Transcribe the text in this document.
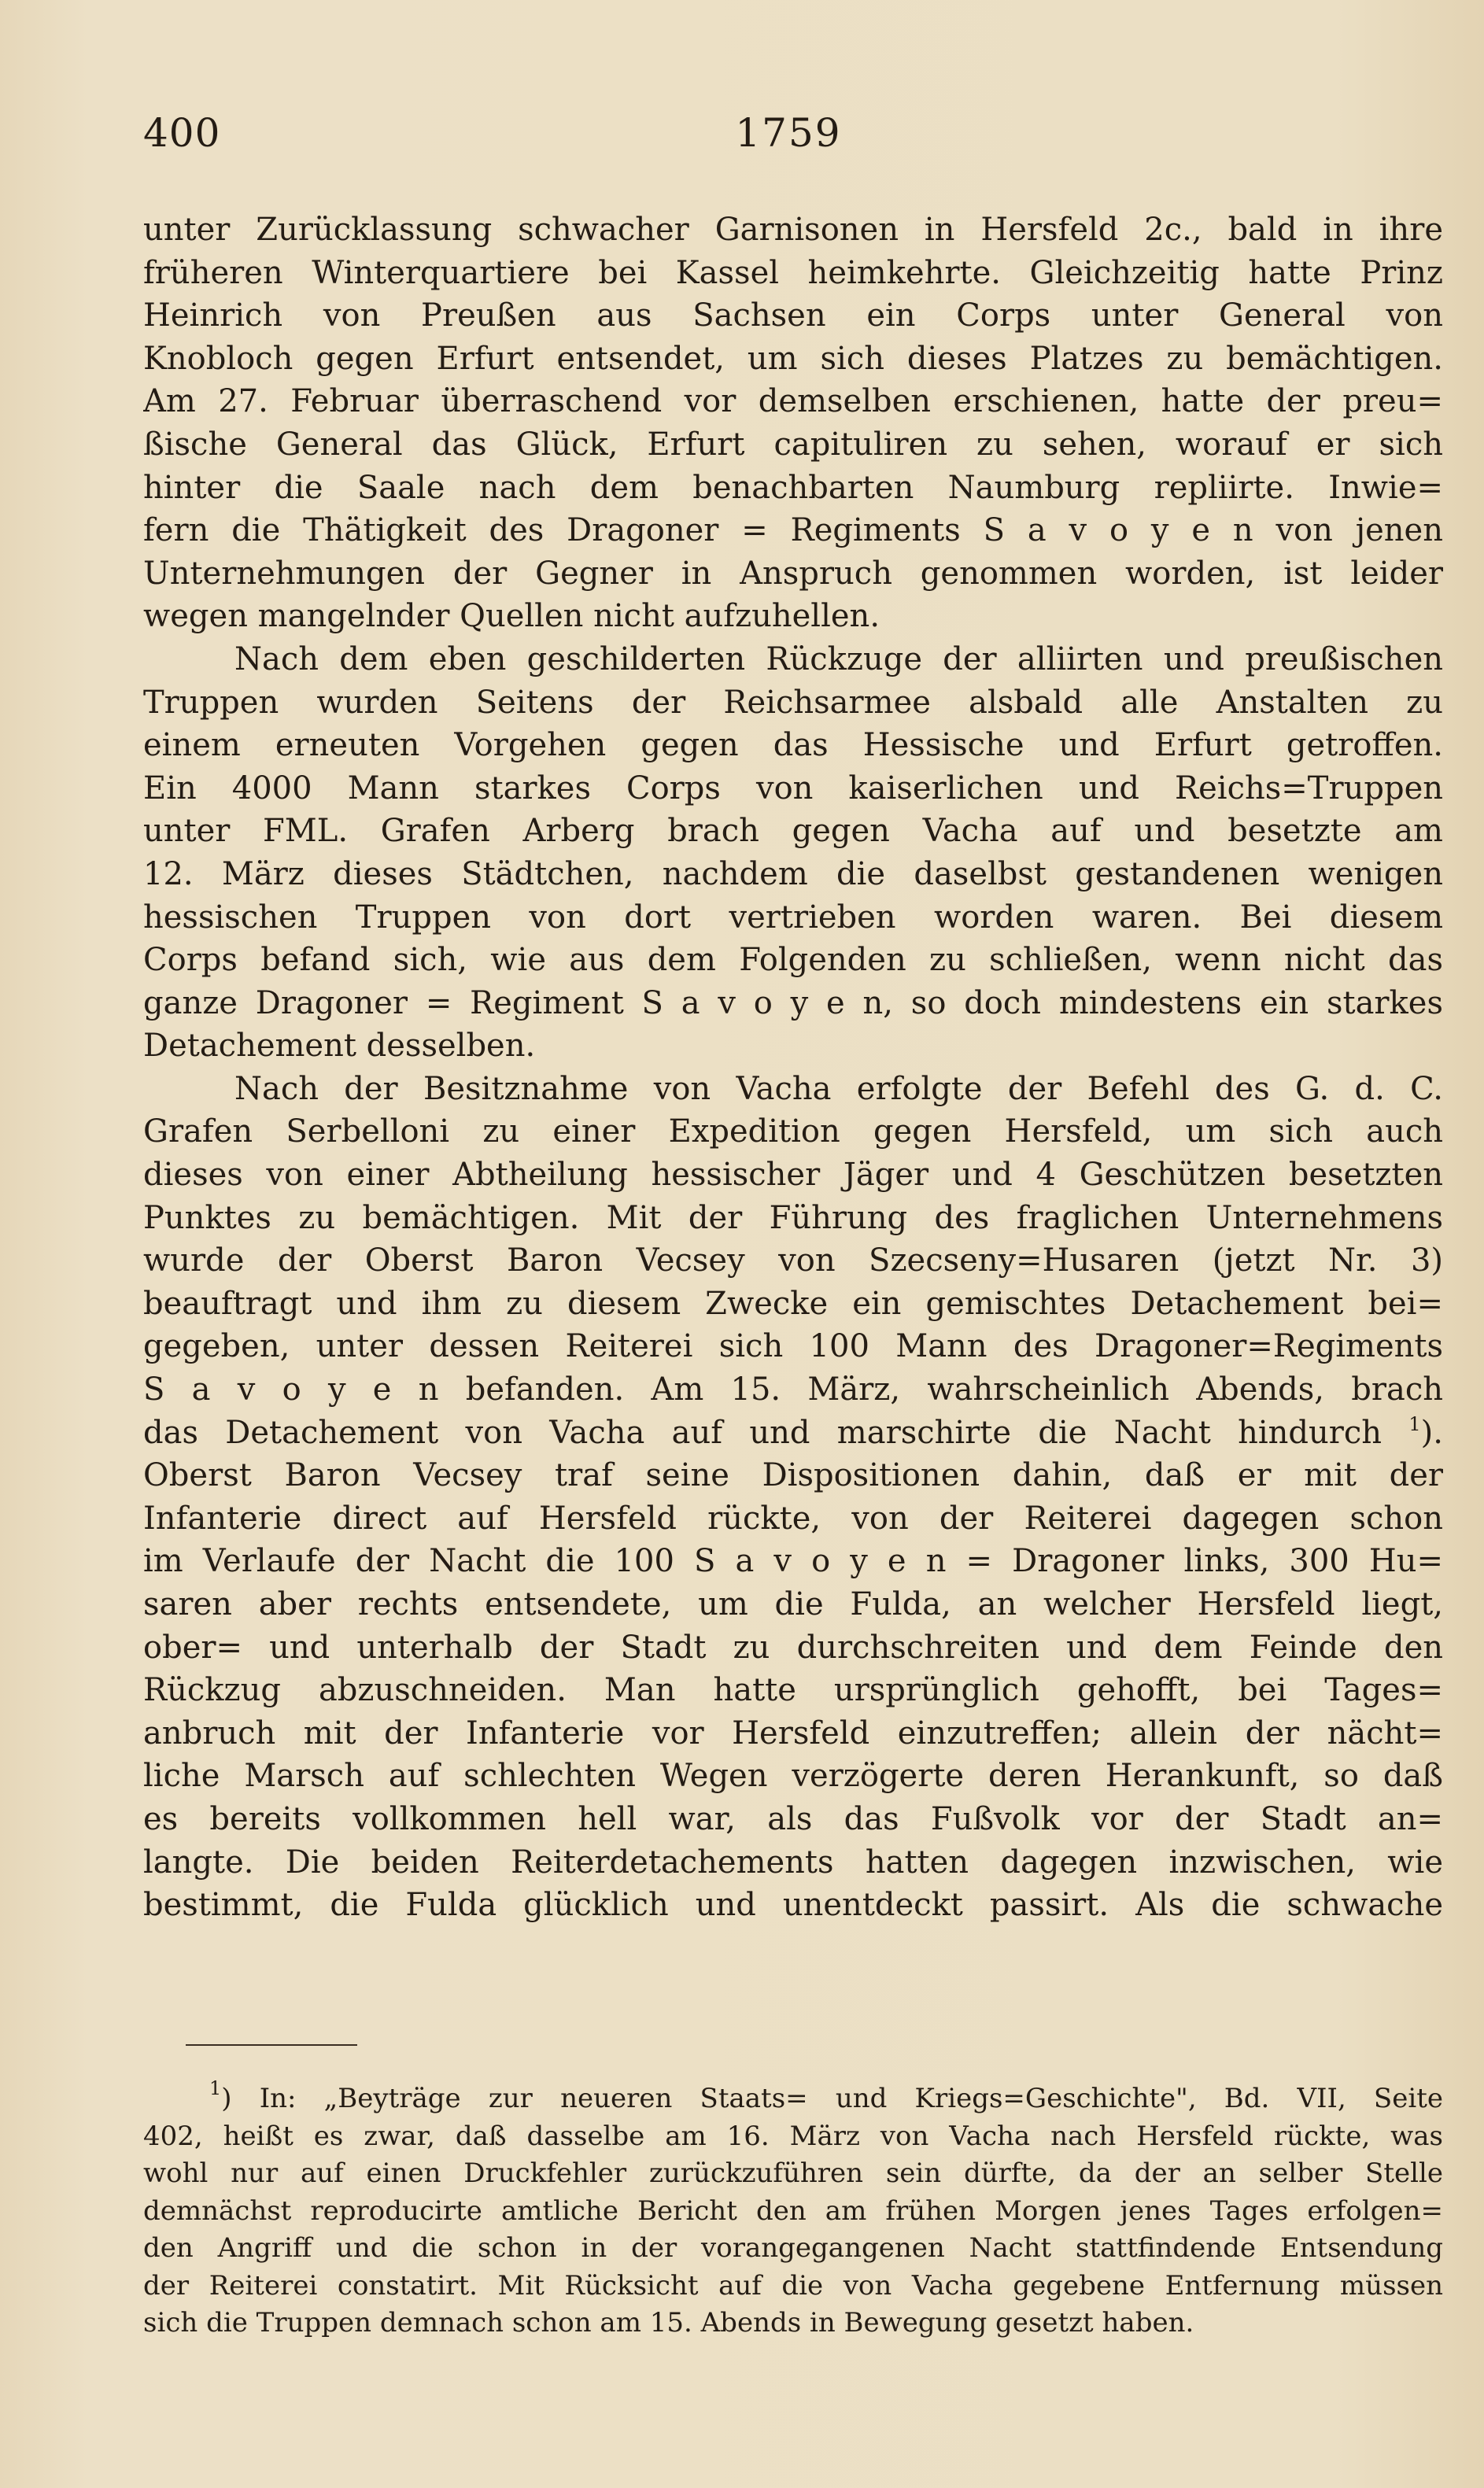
400	1759
unter Zurücklassung schwacher Garnisonen in Hersfeld 2c., bald in ihre
früheren Winterquartiere bei Kassel heimkehrte. Gleichzeitig hatte Prinz
Heinrich von Preußen aus Sachsen ein Corps unter General von
Knobloch gegen Erfurt entsendet, um sich dieses Platzes zu bemächtigen.
Am 27. Februar überraschend vor demselben erschienen, hatte der preu=
ßische General das Glück, Erfurt capituliren zu sehen, worauf er sich
hinter die Saale nach dem benachbarten Naumburg repliirte. Inwie=
fern die Thätigkeit des Dragoner = Regiments S a v o y e n von jenen
Unternehmungen der Gegner in Anspruch genommen worden, ist leider
wegen mangelnder Quellen nicht aufzuhellen.
Nach dem eben geschilderten Rückzuge der alliirten und preußischen
Truppen wurden Seitens der Reichsarmee alsbald alle Anstalten zu
einem erneuten Vorgehen gegen das Hessische und Erfurt getroffen.
Ein 4000 Mann starkes Corps von kaiserlichen und Reichs=Truppen
unter FML. Grafen Arberg brach gegen Vacha auf und besetzte am
12. März dieses Städtchen, nachdem die daselbst gestandenen wenigen
hessischen Truppen von dort vertrieben worden waren. Bei diesem
Corps befand sich, wie aus dem Folgenden zu schließen, wenn nicht das
ganze Dragoner = Regiment S a v o y e n, so doch mindestens ein starkes
Detachement desselben.
Nach der Besitznahme von Vacha erfolgte der Befehl des G. d. C.
Grafen Serbelloni zu einer Expedition gegen Hersfeld, um sich auch
dieses von einer Abtheilung hessischer Jäger und 4 Geschützen besetzten
Punktes zu bemächtigen. Mit der Führung des fraglichen Unternehmens
wurde der Oberst Baron Vecsey von Szecseny=Husaren (jetzt Nr. 3)
beauftragt und ihm zu diesem Zwecke ein gemischtes Detachement bei=
gegeben, unter dessen Reiterei sich 100 Mann des Dragoner=Regiments
S a v o y e n befanden. Am 15. März, wahrscheinlich Abends, brach
das Detachement von Vacha auf und marschirte die Nacht hindurch $^1$).
Oberst Baron Vecsey traf seine Dispositionen dahin, daß er mit der
Infanterie direct auf Hersfeld rückte, von der Reiterei dagegen schon
im Verlaufe der Nacht die 100 S a v o y e n = Dragoner links, 300 Hu=
saren aber rechts entsendete, um die Fulda, an welcher Hersfeld liegt,
ober= und unterhalb der Stadt zu durchschreiten und dem Feinde den
Rückzug abzuschneiden. Man hatte ursprünglich gehofft, bei Tages=
anbruch mit der Infanterie vor Hersfeld einzutreffen; allein der nächt=
liche Marsch auf schlechten Wegen verzögerte deren Herankunft, so daß
es bereits vollkommen hell war, als das Fußvolk vor der Stadt an=
langte. Die beiden Reiterdetachements hatten dagegen inzwischen, wie
bestimmt, die Fulda glücklich und unentdeckt passirt. Als die schwache
$^1$) In: „Beyträge zur neueren Staats= und Kriegs=Geschichte", Bd. VII, Seite
402, heißt es zwar, daß dasselbe am 16. März von Vacha nach Hersfeld rückte, was
wohl nur auf einen Druckfehler zurückzuführen sein dürfte, da der an selber Stelle
demnächst reproducirte amtliche Bericht den am frühen Morgen jenes Tages erfolgen=
den Angriff und die schon in der vorangegangenen Nacht stattfindende Entsendung
der Reiterei constatirt. Mit Rücksicht auf die von Vacha gegebene Entfernung müssen
sich die Truppen demnach schon am 15. Abends in Bewegung gesetzt haben.
